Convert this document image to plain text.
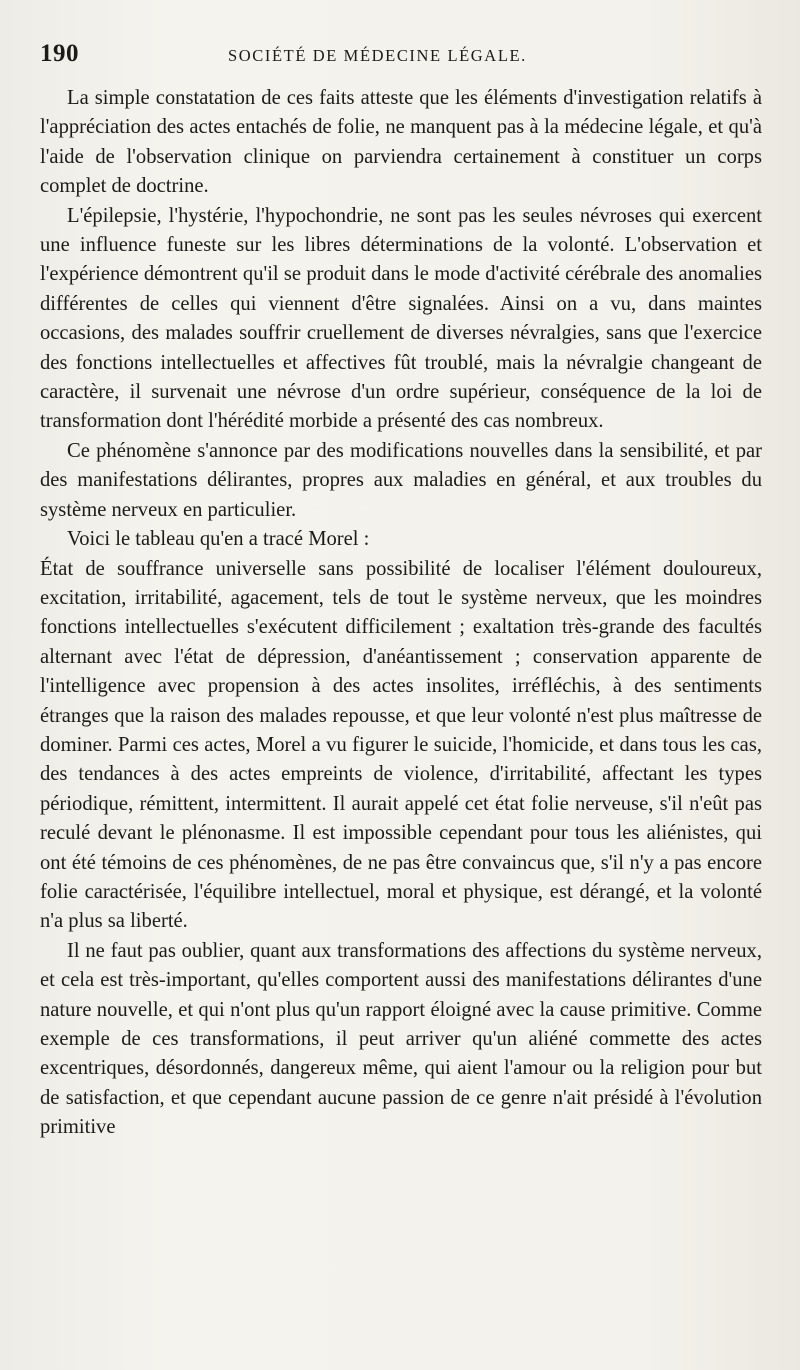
190	SOCIÉTÉ DE MÉDECINE LÉGALE.

La simple constatation de ces faits atteste que les éléments d'investigation relatifs à l'appréciation des actes entachés de folie, ne manquent pas à la médecine légale, et qu'à l'aide de l'observation clinique on parviendra certainement à constituer un corps complet de doctrine.

L'épilepsie, l'hystérie, l'hypochondrie, ne sont pas les seules névroses qui exercent une influence funeste sur les libres déterminations de la volonté. L'observation et l'expérience démontrent qu'il se produit dans le mode d'activité cérébrale des anomalies différentes de celles qui viennent d'être signalées. Ainsi on a vu, dans maintes occasions, des malades souffrir cruellement de diverses névralgies, sans que l'exercice des fonctions intellectuelles et affectives fût troublé, mais la névralgie changeant de caractère, il survenait une névrose d'un ordre supérieur, conséquence de la loi de transformation dont l'hérédité morbide a présenté des cas nombreux.

Ce phénomène s'annonce par des modifications nouvelles dans la sensibilité, et par des manifestations délirantes, propres aux maladies en général, et aux troubles du système nerveux en particulier.

Voici le tableau qu'en a tracé Morel :

État de souffrance universelle sans possibilité de localiser l'élément douloureux, excitation, irritabilité, agacement, tels de tout le système nerveux, que les moindres fonctions intellectuelles s'exécutent difficilement ; exaltation très-grande des facultés alternant avec l'état de dépression, d'anéantissement ; conservation apparente de l'intelligence avec propension à des actes insolites, irréfléchis, à des sentiments étranges que la raison des malades repousse, et que leur volonté n'est plus maîtresse de dominer. Parmi ces actes, Morel a vu figurer le suicide, l'homicide, et dans tous les cas, des tendances à des actes empreints de violence, d'irritabilité, affectant les types périodique, rémittent, intermittent. Il aurait appelé cet état folie nerveuse, s'il n'eût pas reculé devant le plénonasme. Il est impossible cependant pour tous les aliénistes, qui ont été témoins de ces phénomènes, de ne pas être convaincus que, s'il n'y a pas encore folie caractérisée, l'équilibre intellectuel, moral et physique, est dérangé, et la volonté n'a plus sa liberté.

Il ne faut pas oublier, quant aux transformations des affections du système nerveux, et cela est très-important, qu'elles comportent aussi des manifestations délirantes d'une nature nouvelle, et qui n'ont plus qu'un rapport éloigné avec la cause primitive. Comme exemple de ces transformations, il peut arriver qu'un aliéné commette des actes excentriques, désordonnés, dangereux même, qui aient l'amour ou la religion pour but de satisfaction, et que cependant aucune passion de ce genre n'ait présidé à l'évolution primitive
